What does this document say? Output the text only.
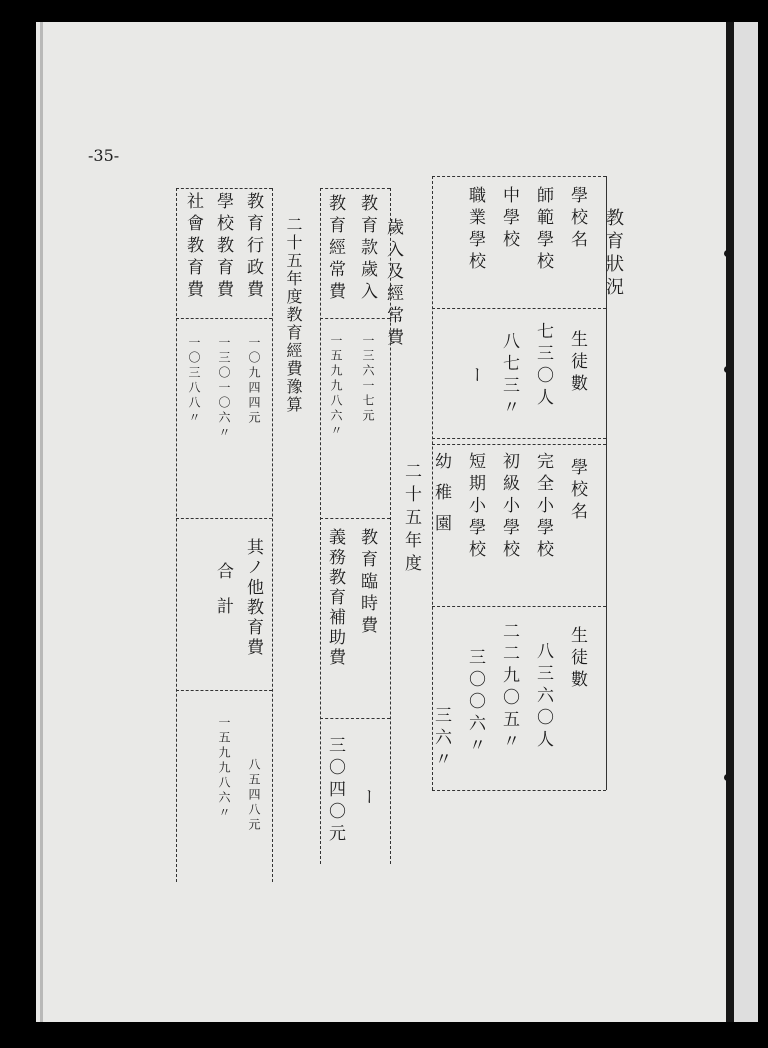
-35-
教育狀況
學校名
生徒數
學校名
生徒數
師範學校
七三〇人
中學校
八七三〃
職業學校
ー
完全小學校
八三六〇人
初級小學校
二二九〇五〃
短期小學校
三〇〇六〃
幼稚園
三六〃
歲入及經常費
二十五年度
教育款歲入
一三六一七元
教育經常費
一五九九八六〃
教育臨時費
ー
義務教育補助費
三〇四〇元
二十五年度教育經費豫算
教育行政費
一〇九四四元
學校教育費
一三〇一〇六〃
社會教育費
一〇三八八〃
其ノ他教育費
八五四八元
合計
一五九九八六〃
